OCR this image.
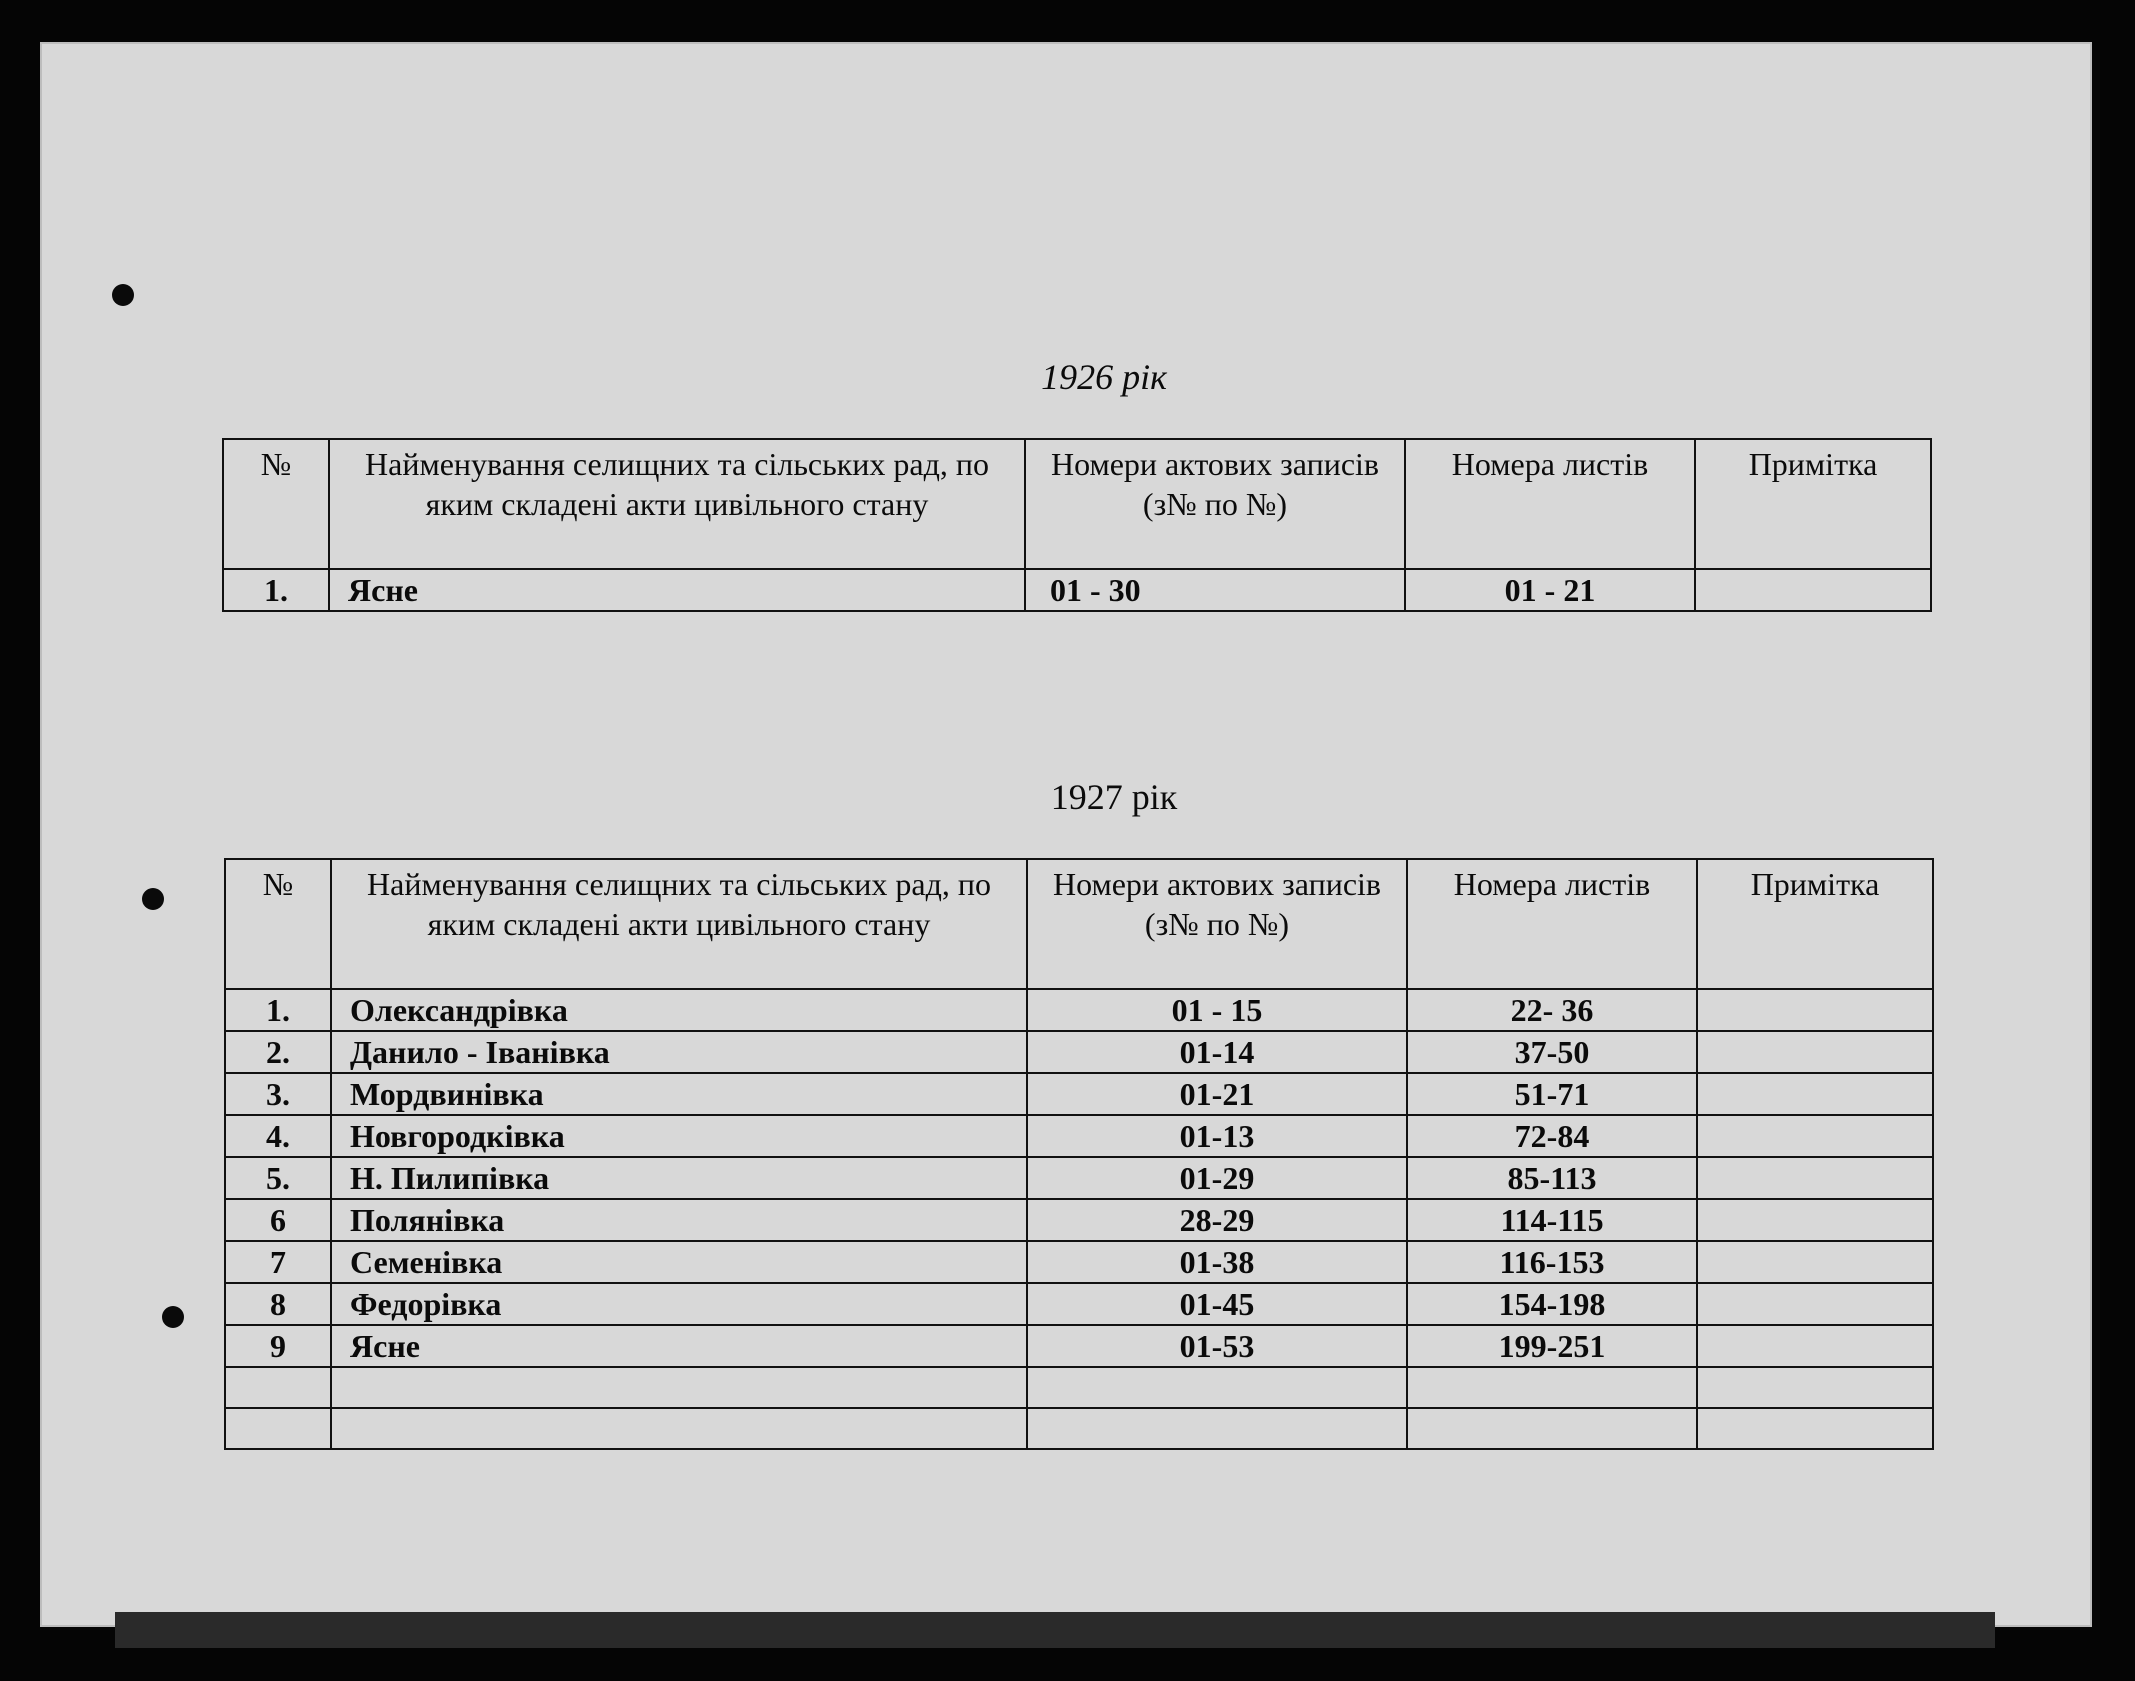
1926 рік
№	Найменування селищних та сільських рад, по яким складені акти цивільного стану	Номери актових записів (з№ по №)	Номера листів	Примітка
1.	Ясне	01 - 30	01 - 21	
1927 рік
№	Найменування селищних та сільських рад, по яким складені акти цивільного стану	Номери актових записів (з№ по №)	Номера листів	Примітка
1.	Олександрівка	01 - 15	22- 36	
2.	Данило - Іванівка	01-14	37-50	
3.	Мордвинівка	01-21	51-71	
4.	Новгородківка	01-13	72-84	
5.	Н. Пилипівка	01-29	85-113	
6	Полянівка	28-29	114-115	
7	Семенівка	01-38	116-153	
8	Федорівка	01-45	154-198	
9	Ясне	01-53	199-251	
